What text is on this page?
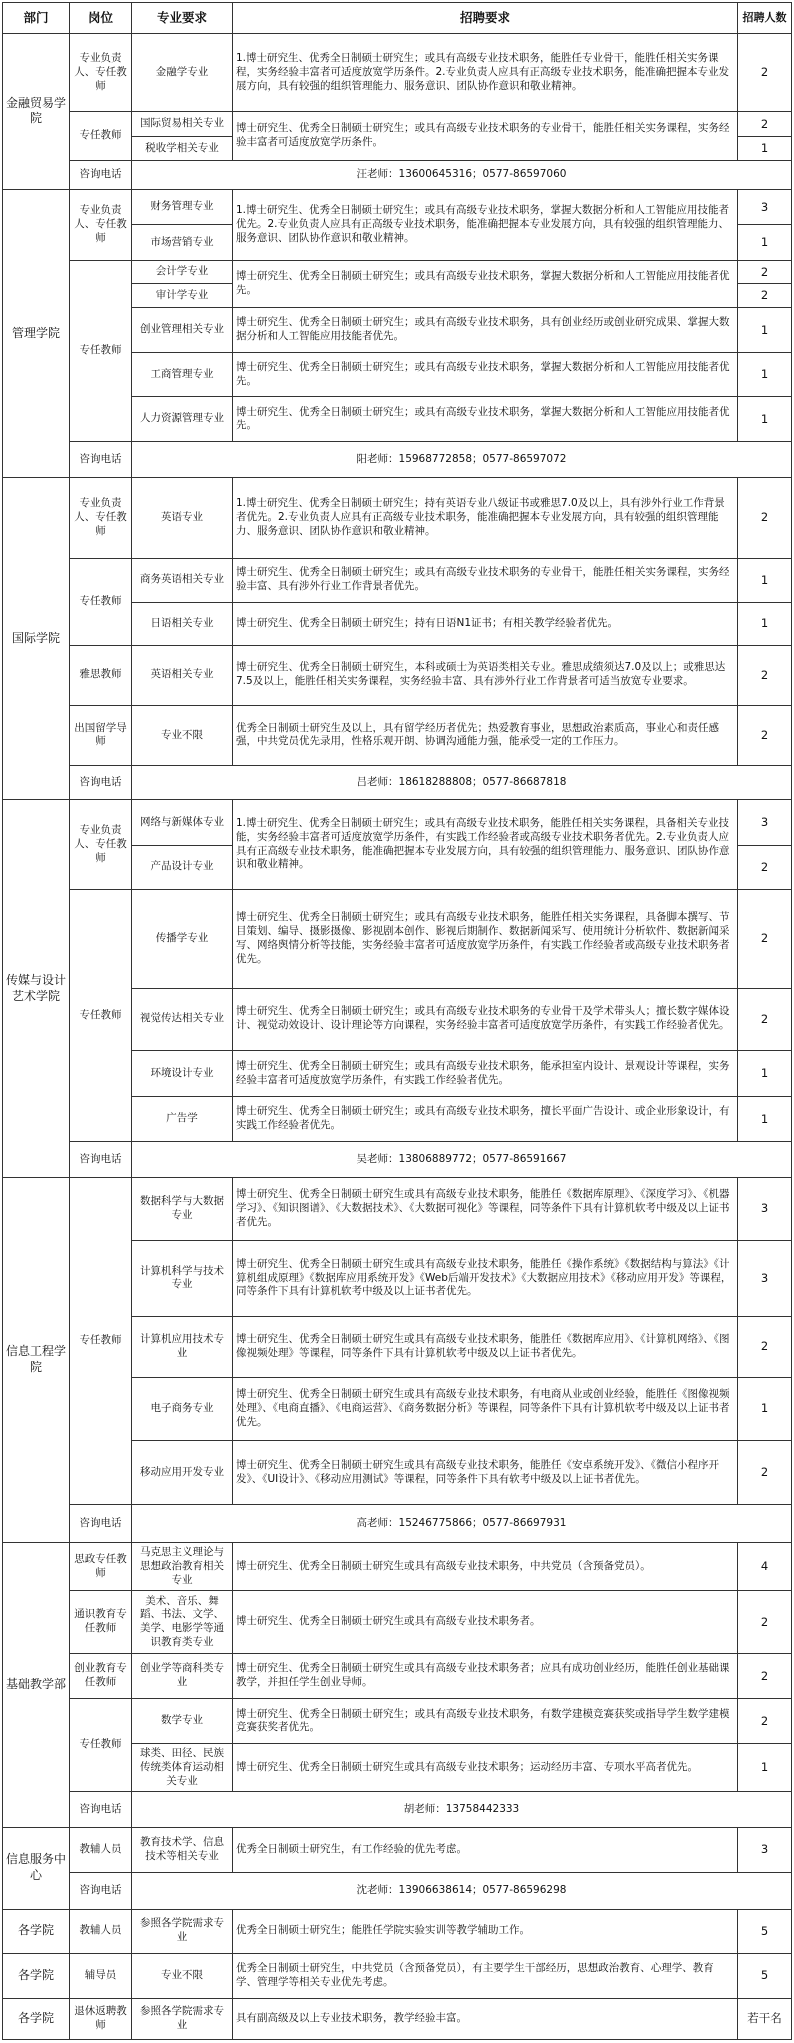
部门	岗位	专业要求	招聘要求	招聘人数
金融贸易学院	专业负责人、专任教师	金融学专业	1.博士研究生、优秀全日制硕士研究生；或具有高级专业技术职务，能胜任专业骨干，能胜任相关实务课程，实务经验丰富者可适度放宽学历条件。2.专业负责人应具有正高级专业技术职务，能准确把握本专业发展方向，具有较强的组织管理能力、服务意识、团队协作意识和敬业精神。	2
	专任教师	国际贸易相关专业	博士研究生、优秀全日制硕士研究生；或具有高级专业技术职务的专业骨干，能胜任相关实务课程，实务经验丰富者可适度放宽学历条件。	2
		税收学相关专业		1
	咨询电话	汪老师：13600645316；0577-86597060		
管理学院	专业负责人、专任教师	财务管理专业	1.博士研究生、优秀全日制硕士研究生；或具有高级专业技术职务，掌握大数据分析和人工智能应用技能者优先。2.专业负责人应具有正高级专业技术职务，能准确把握本专业发展方向，具有较强的组织管理能力、服务意识、团队协作意识和敬业精神。	3
		市场营销专业		1
	专任教师	会计学专业	博士研究生、优秀全日制硕士研究生；或具有高级专业技术职务，掌握大数据分析和人工智能应用技能者优先。	2
		审计学专业		2
		创业管理相关专业	博士研究生、优秀全日制硕士研究生；或具有高级专业技术职务，具有创业经历或创业研究成果、掌握大数据分析和人工智能应用技能者优先。	1
		工商管理专业	博士研究生、优秀全日制硕士研究生；或具有高级专业技术职务，掌握大数据分析和人工智能应用技能者优先。	1
		人力资源管理专业	博士研究生、优秀全日制硕士研究生；或具有高级专业技术职务，掌握大数据分析和人工智能应用技能者优先。	1
	咨询电话	阳老师：15968772858；0577-86597072		
国际学院	专业负责人、专任教师	英语专业	1.博士研究生、优秀全日制硕士研究生；持有英语专业八级证书或雅思7.0及以上，具有涉外行业工作背景者优先。2.专业负责人应具有正高级专业技术职务，能准确把握本专业发展方向，具有较强的组织管理能力、服务意识、团队协作意识和敬业精神。	2
	专任教师	商务英语相关专业	博士研究生、优秀全日制硕士研究生；或具有高级专业技术职务的专业骨干，能胜任相关实务课程，实务经验丰富、具有涉外行业工作背景者优先。	1
		日语相关专业	博士研究生、优秀全日制硕士研究生；持有日语N1证书；有相关教学经验者优先。	1
	雅思教师	英语相关专业	博士研究生、优秀全日制硕士研究生，本科或硕士为英语类相关专业。雅思成绩须达7.0及以上；或雅思达7.5及以上，能胜任相关实务课程，实务经验丰富、具有涉外行业工作背景者可适当放宽专业要求。	2
	出国留学导师	专业不限	优秀全日制硕士研究生及以上，具有留学经历者优先；热爱教育事业，思想政治素质高，事业心和责任感强，中共党员优先录用，性格乐观开朗、协调沟通能力强，能承受一定的工作压力。	2
	咨询电话	吕老师：18618288808；0577-86687818		
传媒与设计艺术学院	专业负责人、专任教师	网络与新媒体专业	1.博士研究生、优秀全日制硕士研究生；或具有高级专业技术职务，能胜任相关实务课程，具备相关专业技能，实务经验丰富者可适度放宽学历条件，有实践工作经验者或高级专业技术职务者优先。2.专业负责人应具有正高级专业技术职务，能准确把握本专业发展方向，具有较强的组织管理能力、服务意识、团队协作意识和敬业精神。	3
		产品设计专业		2
	专任教师	传播学专业	博士研究生、优秀全日制硕士研究生；或具有高级专业技术职务，能胜任相关实务课程，具备脚本撰写、节目策划、编导、摄影摄像、影视剧本创作、影视后期制作、数据新闻采写、使用统计分析软件、数据新闻采写、网络舆情分析等技能，实务经验丰富者可适度放宽学历条件，有实践工作经验者或高级专业技术职务者优先。	2
		视觉传达相关专业	博士研究生、优秀全日制硕士研究生；或具有高级专业技术职务的专业骨干及学术带头人；擅长数字媒体设计、视觉动效设计、设计理论等方向课程，实务经验丰富者可适度放宽学历条件，有实践工作经验者优先。	2
		环境设计专业	博士研究生、优秀全日制硕士研究生；或具有高级专业技术职务，能承担室内设计、景观设计等课程，实务经验丰富者可适度放宽学历条件，有实践工作经验者优先。	1
		广告学	博士研究生、优秀全日制硕士研究生；或具有高级专业技术职务，擅长平面广告设计、或企业形象设计，有实践工作经验者优先。	1
	咨询电话	吴老师：13806889772；0577-86591667		
信息工程学院	专任教师	数据科学与大数据专业	博士研究生、优秀全日制硕士研究生或具有高级专业技术职务，能胜任《数据库原理》、《深度学习》、《机器学习》、《知识图谱》、《大数据技术》、《大数据可视化》等课程，同等条件下具有计算机软考中级及以上证书者优先。	3
		计算机科学与技术专业	博士研究生、优秀全日制硕士研究生或具有高级专业技术职务，能胜任《操作系统》《数据结构与算法》《计算机组成原理》《数据库应用系统开发》《Web后端开发技术》《大数据应用技术》《移动应用开发》等课程，同等条件下具有计算机软考中级及以上证书者优先。	3
		计算机应用技术专业	博士研究生、优秀全日制硕士研究生或具有高级专业技术职务，能胜任《数据库应用》、《计算机网络》、《图像视频处理》等课程，同等条件下具有计算机软考中级及以上证书者优先。	2
		电子商务专业	博士研究生、优秀全日制硕士研究生或具有高级专业技术职务，有电商从业或创业经验，能胜任《图像视频处理》、《电商直播》、《电商运营》、《商务数据分析》等课程，同等条件下具有计算机软考中级及以上证书者优先。	1
		移动应用开发专业	博士研究生、优秀全日制硕士研究生或具有高级专业技术职务，能胜任《安卓系统开发》、《微信小程序开发》、《UI设计》、《移动应用测试》等课程，同等条件下具有软考中级及以上证书者优先。	2
	咨询电话	高老师：15246775866；0577-86697931		
基础教学部	思政专任教师	马克思主义理论与思想政治教育相关专业	博士研究生、优秀全日制硕士研究生或具有高级专业技术职务，中共党员（含预备党员）。	4
	通识教育专任教师	美术、音乐、舞蹈、书法、文学、美学、电影学等通识教育类专业	博士研究生、优秀全日制硕士研究生或具有高级专业技术职务者。	2
	创业教育专任教师	创业学等商科类专业	博士研究生、优秀全日制硕士研究生或具有高级专业技术职务者；应具有成功创业经历，能胜任创业基础课教学，并担任学生创业导师。	2
	专任教师	数学专业	博士研究生、优秀全日制硕士研究生；或具有高级专业技术职务，有数学建模竞赛获奖或指导学生数学建模竞赛获奖者优先。	2
		球类、田径、民族传统类体育运动相关专业	博士研究生、优秀全日制硕士研究生或具有高级专业技术职务；运动经历丰富、专项水平高者优先。	1
	咨询电话	胡老师：13758442333		
信息服务中心	教辅人员	教育技术学、信息技术等相关专业	优秀全日制硕士研究生，有工作经验的优先考虑。	3
	咨询电话	沈老师：13906638614；0577-86596298		
各学院	教辅人员	参照各学院需求专业	优秀全日制硕士研究生；能胜任学院实验实训等教学辅助工作。	5
各学院	辅导员	专业不限	优秀全日制硕士研究生，中共党员（含预备党员），有主要学生干部经历，思想政治教育、心理学、教育学、管理学等相关专业优先考虑。	5
各学院	退休返聘教师	参照各学院需求专业	具有副高级及以上专业技术职务，教学经验丰富。	若干名
